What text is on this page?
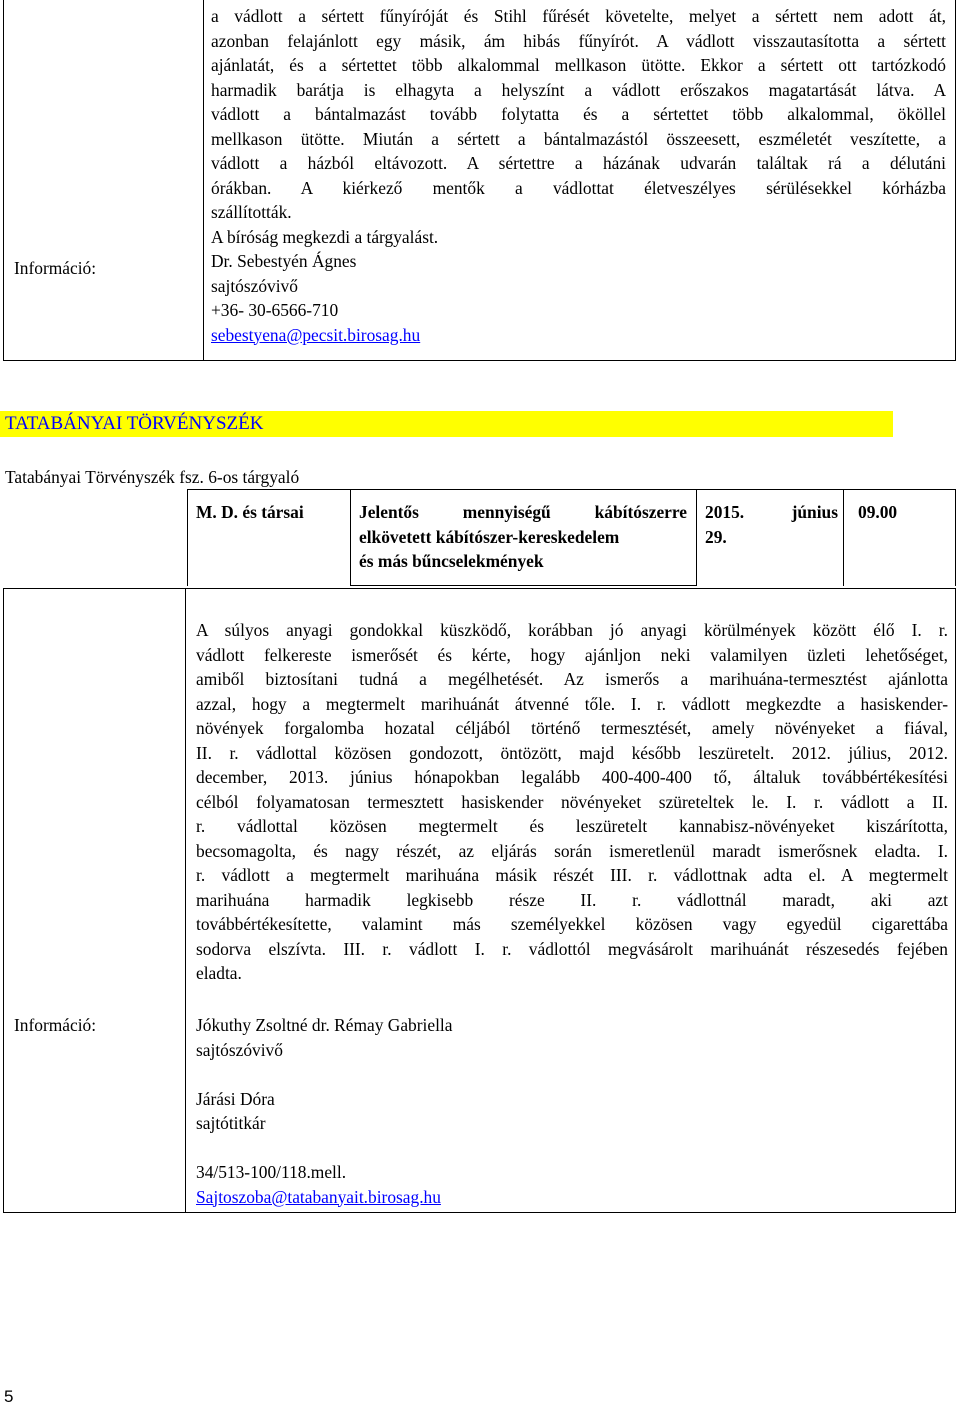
Információ:
a vádlott a sértett fűnyíróját és Stihl fűrését követelte, melyet a sértett nem adott át,
azonban felajánlott egy másik, ám hibás fűnyírót. A vádlott visszautasította a sértett
ajánlatát, és a sértettet több alkalommal mellkason ütötte. Ekkor a sértett ott tartózkodó
harmadik barátja is elhagyta a helyszínt a vádlott erőszakos magatartását látva. A
vádlott a bántalmazást tovább folytatta és a sértettet több alkalommal, ököllel
mellkason ütötte. Miután a sértett a bántalmazástól összeesett, eszméletét veszítette, a
vádlott a házból eltávozott. A sértettre a házának udvarán találtak rá a délutáni
órákban. A kiérkező mentők a vádlottat életveszélyes sérülésekkel kórházba
szállították.
A bíróság megkezdi a tárgyalást.
Dr. Sebestyén Ágnes
sajtószóvivő
+36- 30-6566-710
sebestyena@pecsit.birosag.hu
TATABÁNYAI TÖRVÉNYSZÉK
Tatabányai Törvényszék fsz. 6-os tárgyaló
M. D. és társai	Jelentős mennyiségű kábítószerre
elkövetett kábítószer-kereskedelem
és más bűncselekmények
2015.	június
29.
09.00
Információ:
A súlyos anyagi gondokkal küszködő, korábban jó anyagi körülmények között élő I. r.
vádlott felkereste ismerősét és kérte, hogy ajánljon neki valamilyen üzleti lehetőséget,
amiből biztosítani tudná a megélhetését. Az ismerős a marihuána-termesztést ajánlotta
azzal, hogy a megtermelt marihuánát átvenné tőle. I. r. vádlott megkezdte a hasiskender-
növények forgalomba hozatal céljából történő termesztését, amely növényeket a fiával,
II. r. vádlottal közösen gondozott, öntözött, majd később leszüretelt. 2012. július, 2012.
december, 2013. június hónapokban legalább 400-400-400 tő, általuk továbbértékesítési
célból folyamatosan termesztett hasiskender növényeket szüreteltek le. I. r. vádlott a II.
r. vádlottal közösen megtermelt és leszüretelt kannabisz-növényeket kiszárította,
becsomagolta, és nagy részét, az eljárás során ismeretlenül maradt ismerősnek eladta. I.
r. vádlott a megtermelt marihuána másik részét III. r. vádlottnak adta el. A megtermelt
marihuána harmadik legkisebb része II. r. vádlottnál maradt, aki azt
továbbértékesítette, valamint más személyekkel közösen vagy egyedül cigarettába
sodorva elszívta. III. r. vádlott I. r. vádlottól megvásárolt marihuánát részesedés fejében
eladta.
Jókuthy Zsoltné dr. Rémay Gabriella
sajtószóvivő
Járási Dóra
sajtótitkár
34/513-100/118.mell.
Sajtoszoba@tatabanyait.birosag.hu
5
